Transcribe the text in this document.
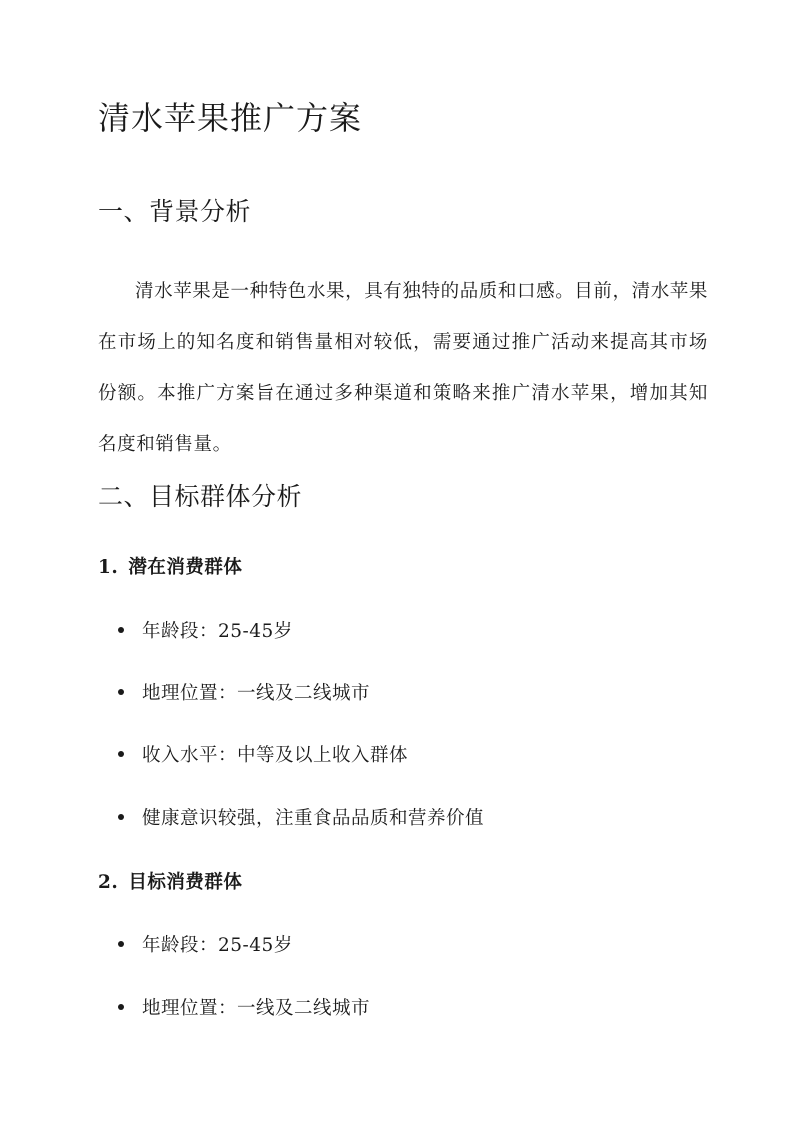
清水苹果推广方案
一、背景分析

清水苹果是一种特色水果，具有独特的品质和口感。目前，清水苹果在市场上的知名度和销售量相对较低，需要通过推广活动来提高其市场份额。本推广方案旨在通过多种渠道和策略来推广清水苹果，增加其知名度和销售量。

二、目标群体分析
1. 潜在消费群体
年龄段：25-45岁
地理位置：一线及二线城市
收入水平：中等及以上收入群体
健康意识较强，注重食品品质和营养价值
2. 目标消费群体
年龄段：25-45岁
地理位置：一线及二线城市
